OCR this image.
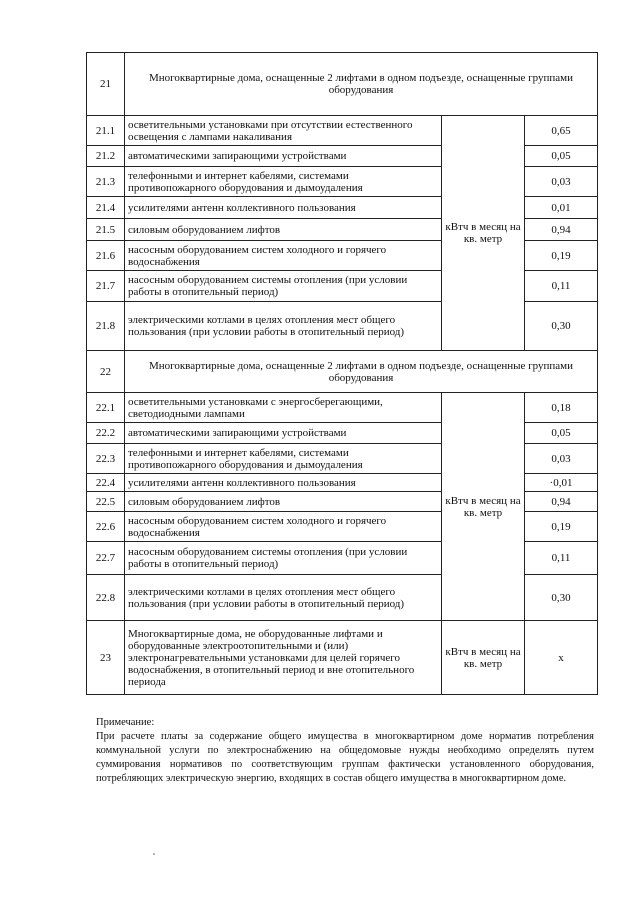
21	Многоквартирные дома, оснащенные 2 лифтами в одном подъезде, оснащенные группами оборудования		
21.1	осветительными установками при отсутствии естественного освещения с лампами накаливания	кВтч в месяц на кв. метр	0,65
21.2	автоматическими запирающими устройствами		0,05
21.3	телефонными и интернет кабелями, системами противопожарного оборудования и дымоудаления		0,03
21.4	усилителями антенн коллективного пользования		0,01
21.5	силовым оборудованием лифтов		0,94
21.6	насосным оборудованием систем холодного и горячего водоснабжения		0,19
21.7	насосным оборудованием системы отопления (при условии работы в отопительный период)		0,11
21.8	электрическими котлами в целях отопления мест общего пользования (при условии работы в отопительный период)		0,30
22	Многоквартирные дома, оснащенные 2 лифтами в одном подъезде, оснащенные группами оборудования		
22.1	осветительными установками с энергосберегающими, светодиодными лампами	кВтч в месяц на кв. метр	0,18
22.2	автоматическими запирающими устройствами		0,05
22.3	телефонными и интернет кабелями, системами противопожарного оборудования и дымоудаления		0,03
22.4	усилителями антенн коллективного пользования		·0,01
22.5	силовым оборудованием лифтов		0,94
22.6	насосным оборудованием систем холодного и горячего водоснабжения		0,19
22.7	насосным оборудованием системы отопления (при условии работы в отопительный период)		0,11
22.8	электрическими котлами в целях отопления мест общего пользования (при условии работы в отопительный период)		0,30
23	Многоквартирные дома, не оборудованные лифтами и оборудованные электроотопительными и (или) электронагревательными установками для целей горячего водоснабжения, в отопительный период и вне отопительного периода	кВтч в месяц на кв. метр	х

Примечание:

При расчете платы за содержание общего имущества в многоквартирном доме норматив потребления коммунальной услуги по электроснабжению на общедомовые нужды необходимо определять путем суммирования нормативов по соответствующим группам фактически установленного оборудования, потребляющих электрическую энергию, входящих в состав общего имущества в многоквартирном доме.
